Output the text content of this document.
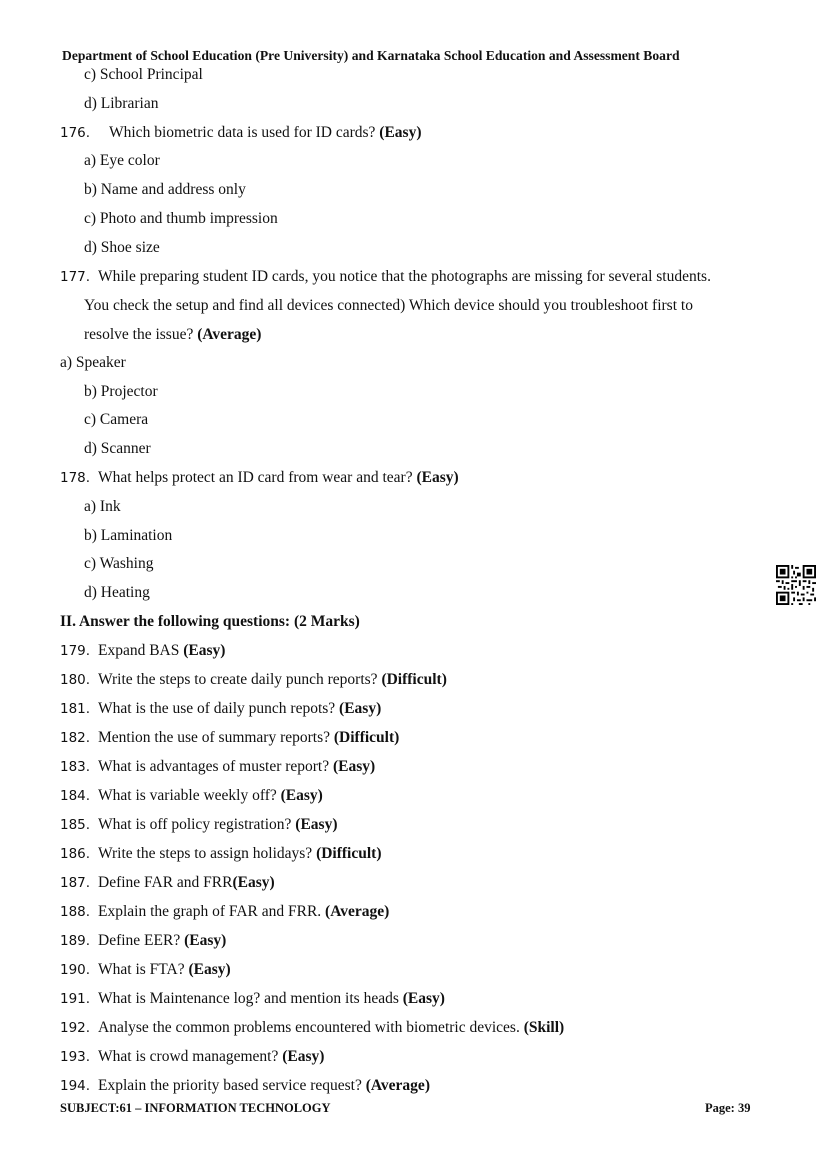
Department of School Education (Pre University) and Karnataka School Education and Assessment Board
c) School Principal
d) Librarian
176. Which biometric data is used for ID cards? (Easy)
a) Eye color
b) Name and address only
c) Photo and thumb impression
d) Shoe size
177. While preparing student ID cards, you notice that the photographs are missing for several students.
You check the setup and find all devices connected) Which device should you troubleshoot first to
resolve the issue? (Average)
a) Speaker
b) Projector
c) Camera
d) Scanner
178. What helps protect an ID card from wear and tear? (Easy)
a) Ink
b) Lamination
c) Washing
d) Heating
II. Answer the following questions: (2 Marks)
179. Expand BAS (Easy)
180. Write the steps to create daily punch reports? (Difficult)
181. What is the use of daily punch repots? (Easy)
182. Mention the use of summary reports? (Difficult)
183. What is advantages of muster report? (Easy)
184. What is variable weekly off? (Easy)
185. What is off policy registration? (Easy)
186. Write the steps to assign holidays? (Difficult)
187. Define FAR and FRR(Easy)
188. Explain the graph of FAR and FRR. (Average)
189. Define EER? (Easy)
190. What is FTA? (Easy)
191. What is Maintenance log? and mention its heads (Easy)
192. Analyse the common problems encountered with biometric devices. (Skill)
193. What is crowd management? (Easy)
194. Explain the priority based service request? (Average)
SUBJECT:61 – INFORMATION TECHNOLOGY	Page: 39
